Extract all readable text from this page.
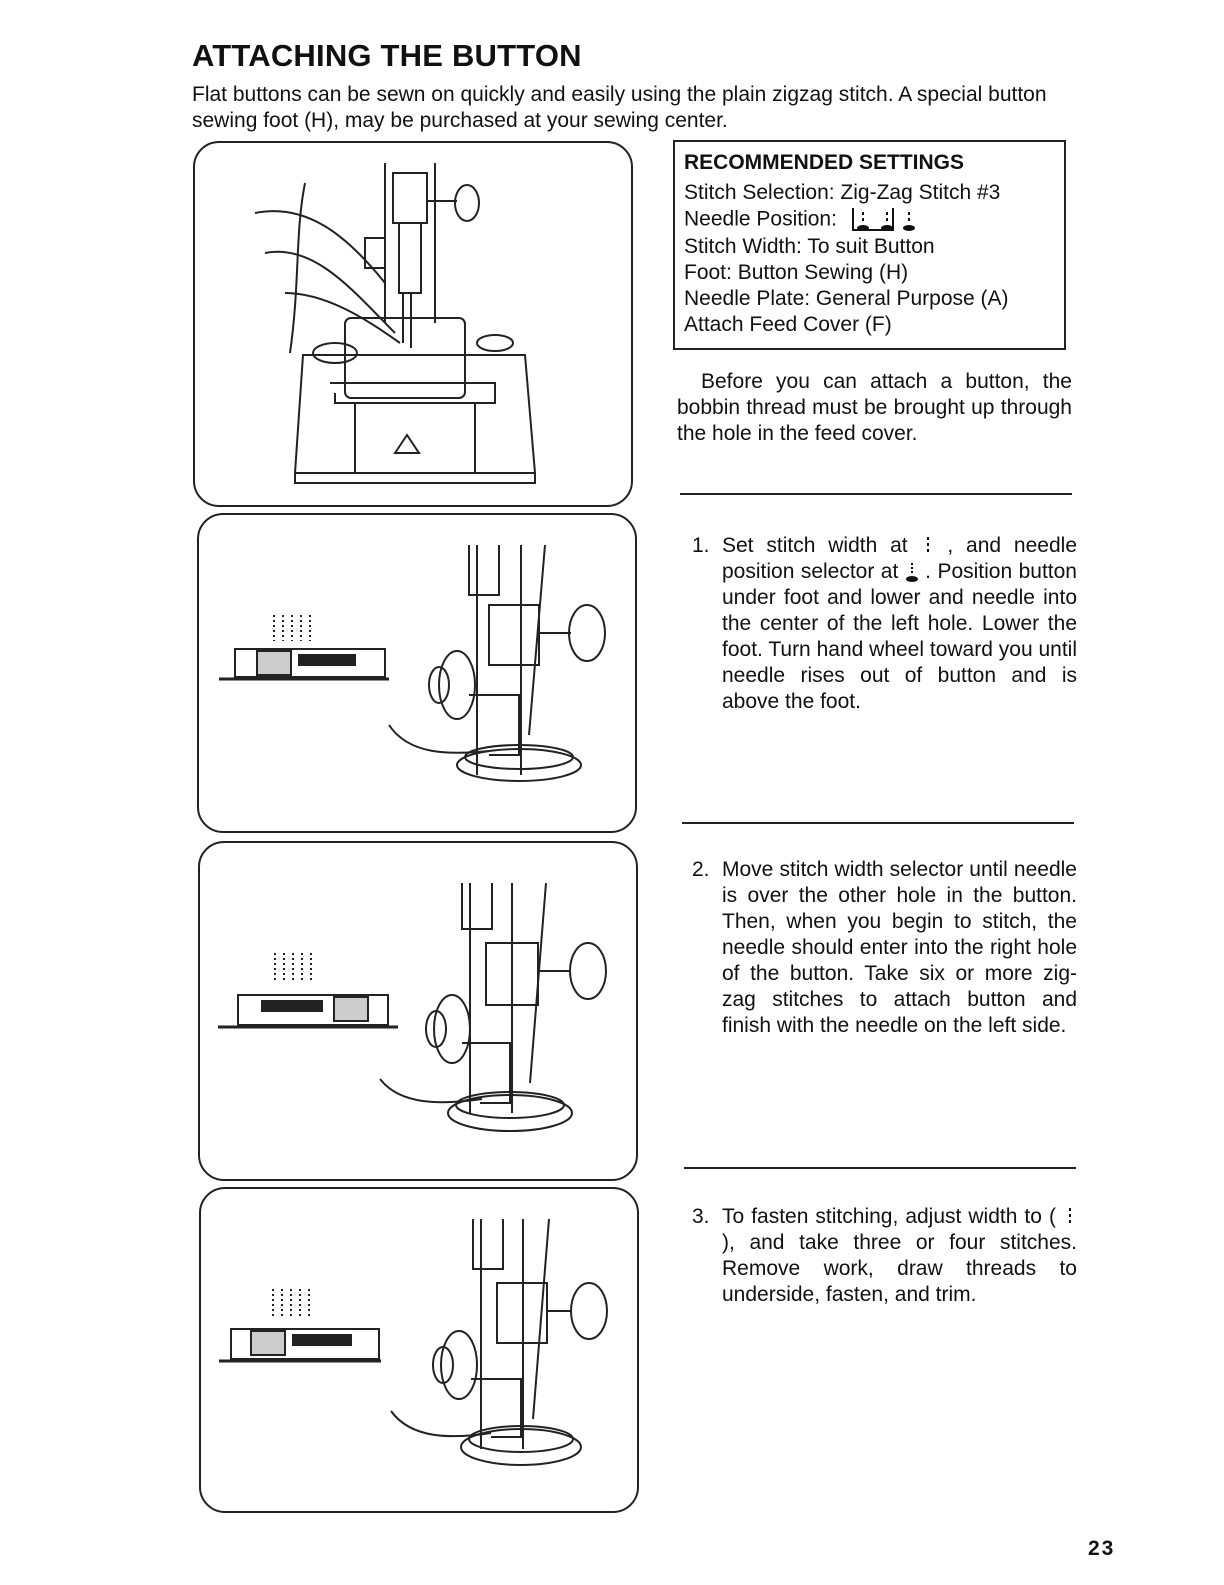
ATTACHING THE BUTTON
Flat buttons can be sewn on quickly and easily using the plain zigzag stitch. A special button sewing foot (H), may be purchased at your sewing center.
RECOMMENDED SETTINGS
Stitch Selection: Zig-Zag Stitch #3
Needle Position:
Stitch Width: To suit Button
Foot: Button Sewing (H)
Needle Plate: General Purpose (A)
Attach Feed Cover (F)
Before you can attach a button, the bobbin thread must be brought up through the hole in the feed cover.
1. Set stitch width at , and needle position selector at . Position button under foot and lower and needle into the center of the left hole. Lower the foot. Turn hand wheel toward you until needle rises out of button and is above the foot.
2. Move stitch width selector until needle is over the other hole in the button. Then, when you begin to stitch, the needle should enter into the right hole of the button. Take six or more zig-zag stitches to attach button and finish with the needle on the left side.
3. To fasten stitching, adjust width to (  ), and take three or four stitches. Remove work, draw threads to underside, fasten, and trim.
23
